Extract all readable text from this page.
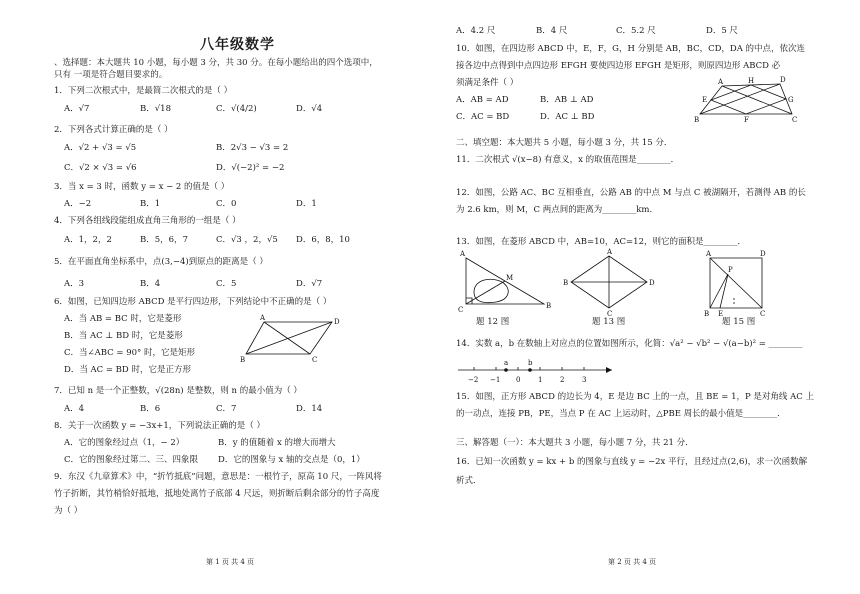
八年级数学
、选择题：本大题共 10 小题，每小题 3 分，共 30 分。在每小题给出的四个选项中，
只有 一项是符合题目要求的。
1．下列二次根式中，是最简二次根式的是（ ）
A．√7	B．√18	C．√(4/2)	D．√4
2．下列各式计算正确的是（ ）
A．√2 + √3 = √5	B．2√3 − √3 = 2
C．√2 × √3 = √6	D．√(−2)² = −2
3．当 x = 3 时，函数 y = x − 2 的值是（ ）
A．−2	B．1	C．0	D．1
4．下列各组线段能组成直角三角形的一组是（ ）
A．1，2，2	B．5，6，7	C．√3 ，2，√5 D．6，8，10
5．在平面直角坐标系中，点(3,−4)到原点的距离是（ ）
A．3	B．4	C．5	D．√7
6．如图，已知四边形 ABCD 是平行四边形，下列结论中不正确的是（ ）
A．当 AB = BC 时，它是菱形
B．当 AC ⊥ BD 时，它是菱形
C．当∠ABC = 90° 时，它是矩形
D．当 AC = BD 时，它是正方形
A
B	C
D
7．已知 n 是一个正整数，√(28n) 是整数，则 n 的最小值为（ ）
A．4	B．6	C．7	D．14
8．关于一次函数 y = −3x+1，下列说法正确的是（ ）
A．它的图象经过点（1，− 2）	B．y 的值随着 x 的增大而增大
C．它的图象经过第二、三、四象限 D．它的图象与 x 轴的交点是（0，1）
9．东汉《九章算术》中，“折竹抵底”问题，意思是：一根竹子，原高 10 尺，一阵风将
竹子折断，其竹梢恰好抵地，抵地处离竹子底部 4 尺远，则折断后剩余部分的竹子高度
为（ ）
第 1 页 共 4 页
A．4.2 尺	B．4 尺	C．5.2 尺	D．5 尺
10．如图，在四边形 ABCD 中，E，F，G，H 分别是 AB，BC，CD，DA 的中点，依次连
接各边中点得到中点四边形 EFGH 要使四边形 EFGH 是矩形，则原四边形 ABCD 必
须满足条件（ ）
A．AB = AD	B．AB ⊥ AD
C．AC = BD	D．AC ⊥ BD
A
B	C
D
E
F
G
H
二、填空题：本大题共 5 小题，每小题 3 分，共 15 分．
11．二次根式 √(x−8) 有意义，x 的取值范围是________．
12．如图，公路 AC、BC 互相垂直，公路 AB 的中点 M 与点 C 被湖隔开，若测得 AB 的长
为 2.6 km，则 M，C 两点间的距离为________km．
13．如图，在菱形 ABCD 中，AB=10，AC=12，则它的面积是________．
A
B
C
M
A
B
C
D
A
B	C
D
E
P
题 12 图	题 13 图	题 15 图
14．实数 a，b 在数轴上对应点的位置如图所示，化简：√a² − √b² − √(a−b)² = ________
−2 −1 0	1	2	3
a	b
15．如图，正方形 ABCD 的边长为 4，E 是边 BC 上的一点，且 BE = 1，P 是对角线 AC 上
的一动点，连接 PB，PE，当点 P 在 AC 上运动时，△PBE 周长的最小值是________．
三、解答题（一）：本大题共 3 小题，每小题 7 分，共 21 分．
16．已知一次函数 y = kx + b 的图象与直线 y = −2x 平行，且经过点(2,6)，求一次函数解
析式．
第 2 页 共 4 页
